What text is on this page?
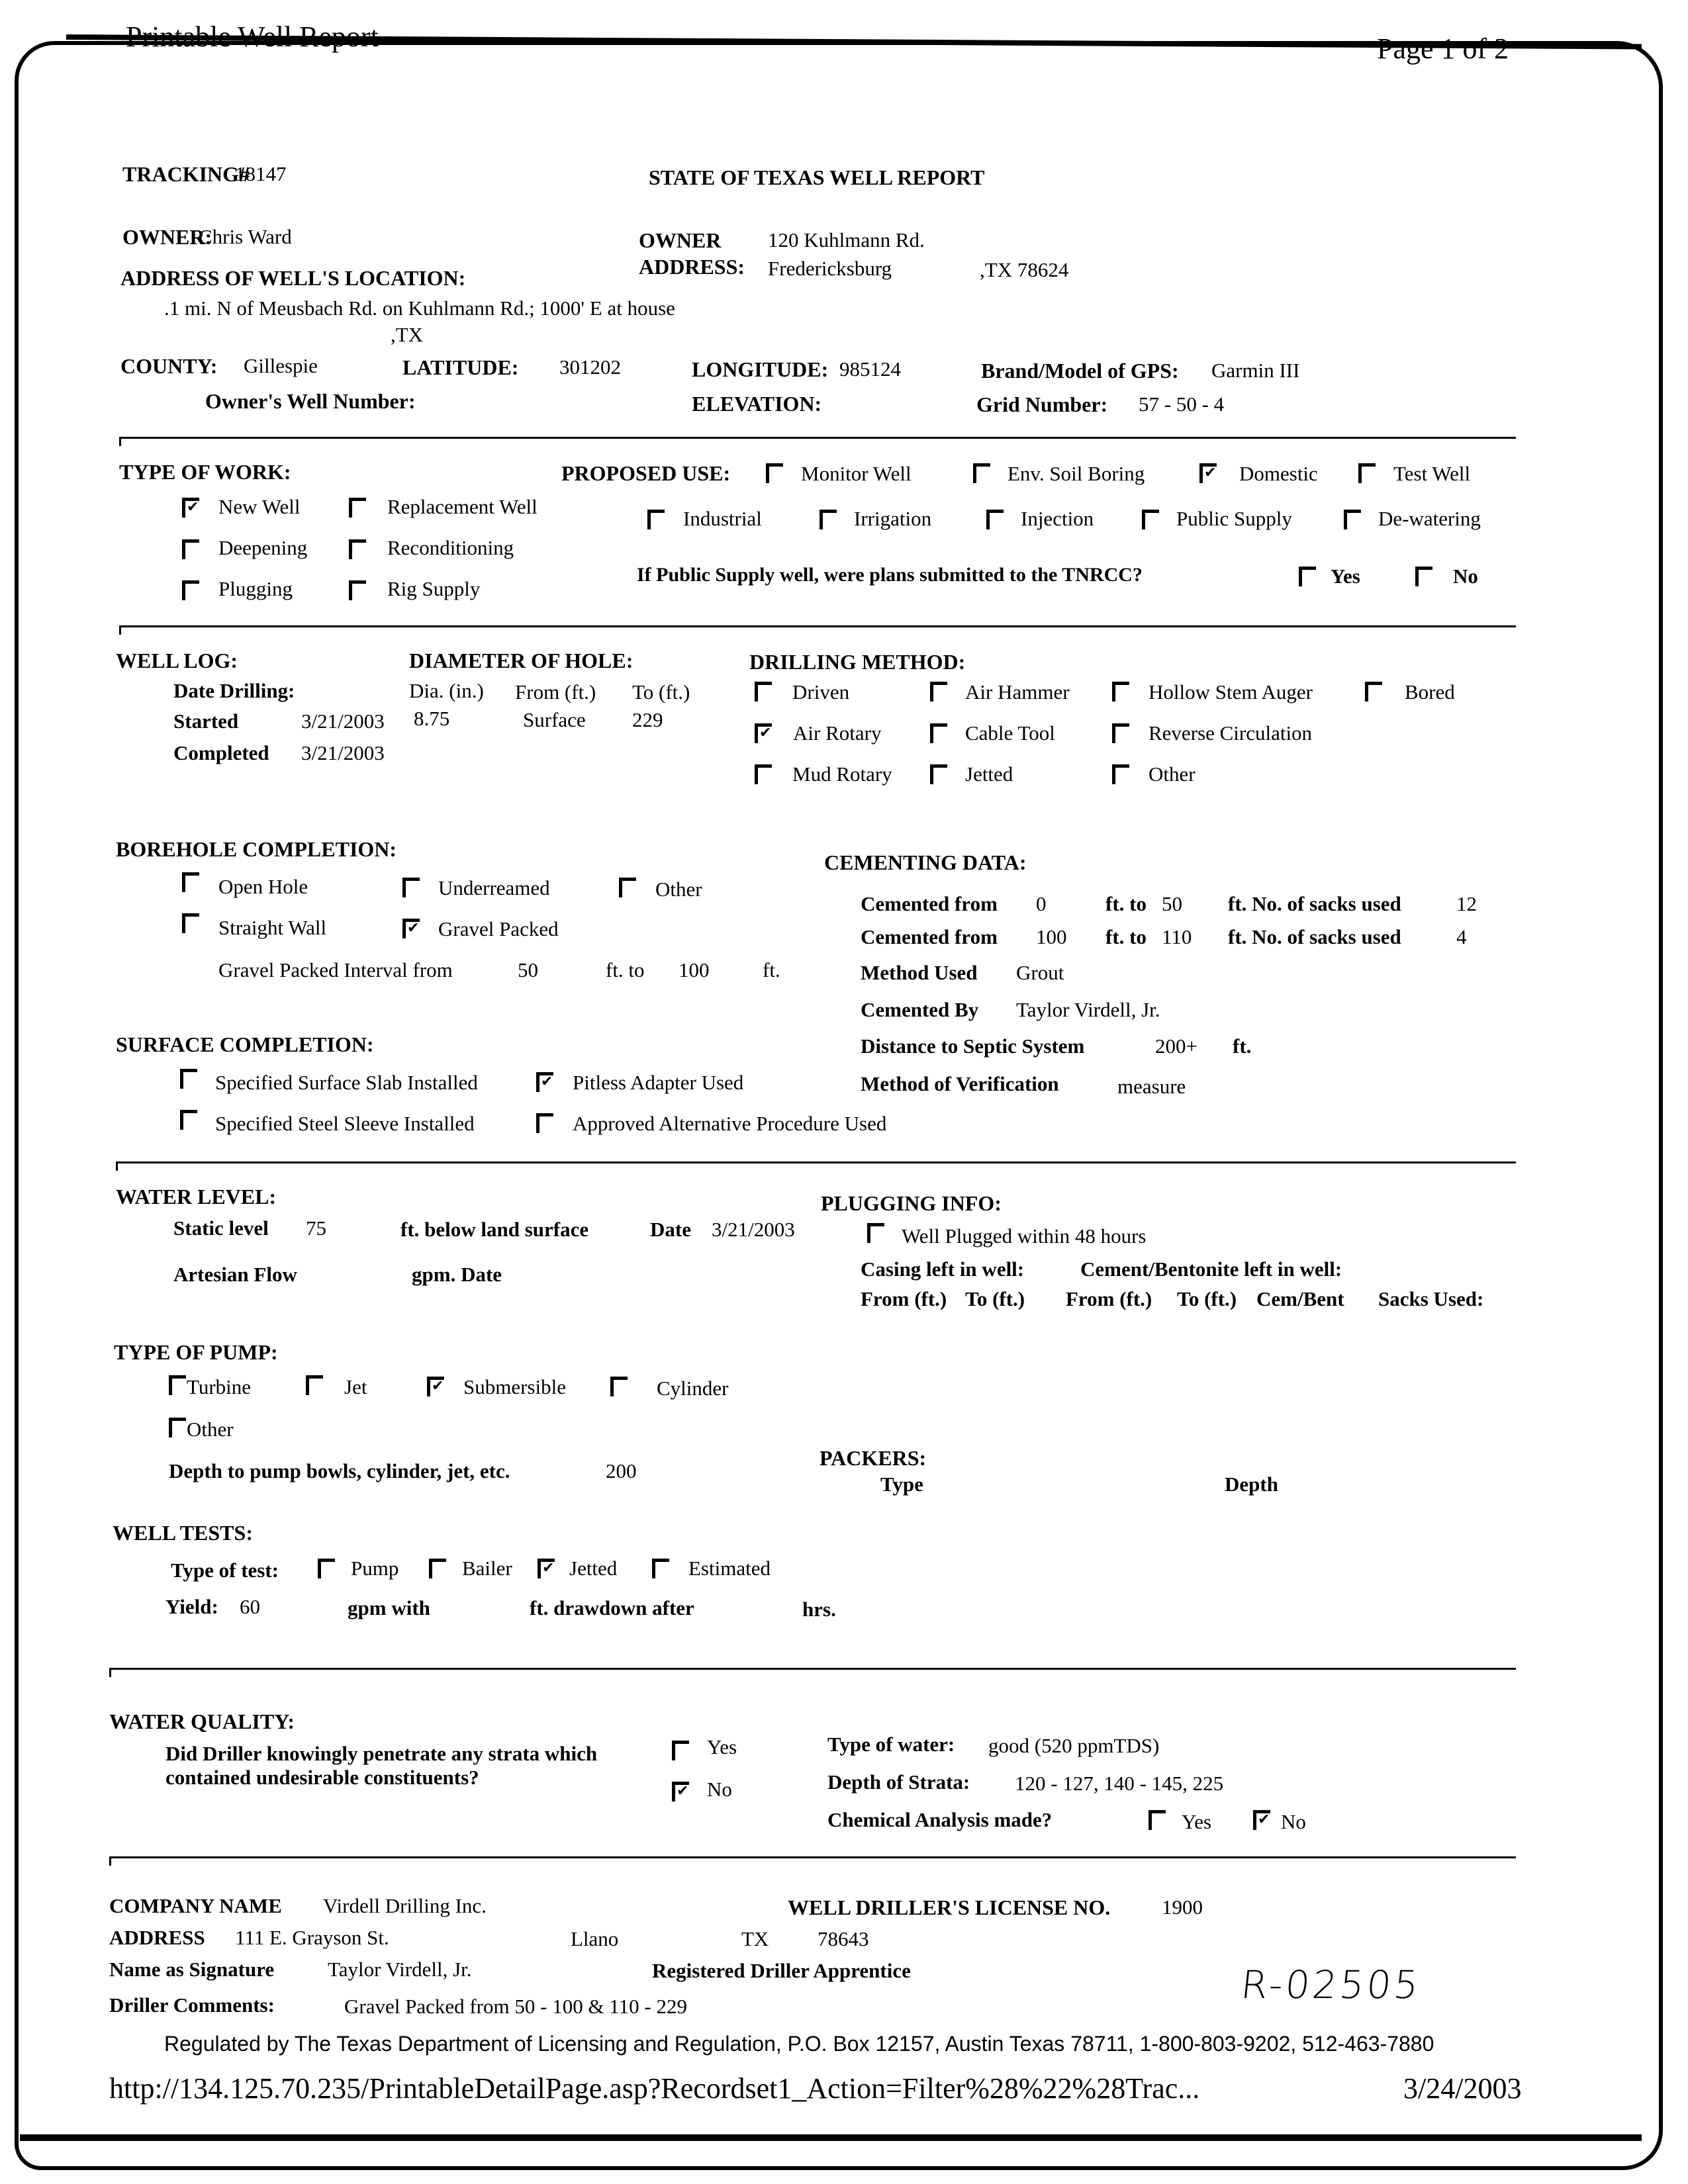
Printable Well Report	Page 1 of 2
TRACKING#
18147	STATE OF TEXAS WELL REPORT
OWNER:
Chris Ward	OWNER
ADDRESS:
120 Kuhlmann Rd.
Fredericksburg	,TX 78624
ADDRESS OF WELL'S LOCATION:
.1 mi. N of Meusbach Rd. on Kuhlmann Rd.; 1000' E at house
,TX
COUNTY: Gillespie	LATITUDE: 301202	LONGITUDE: 985124	Brand/Model of GPS: Garmin III
Owner's Well Number:	ELEVATION:	Grid Number: 57 - 50 - 4
TYPE OF WORK:
✔
New Well	Replacement Well
Deepening	Reconditioning
Plugging	Rig Supply
PROPOSED USE:	Monitor Well	Env. Soil Boring ✔	Domestic	Test Well
Industrial	Irrigation	Injection	Public Supply	De-watering
If Public Supply well, were plans submitted to the TNRCC?	Yes	No
WELL LOG:
Date Drilling:
Started	3/21/2003
Completed 3/21/2003
DIAMETER OF HOLE:
Dia. (in.) From (ft.) To (ft.)
8.75	Surface 229
DRILLING METHOD:
Driven	Air Hammer	Hollow Stem Auger	Bored
✔
Air Rotary	Cable Tool	Reverse Circulation
Mud Rotary	Jetted	Other
BOREHOLE COMPLETION:
Open Hole	Underreamed	Other
Straight Wall ✔	Gravel Packed
Gravel Packed Interval from	50	ft. to 100	ft.
CEMENTING DATA:
Cemented from 0	ft. to 50 ft. No. of sacks used	12
Cemented from 100 ft. to 110 ft. No. of sacks used	4
Method Used Grout
Cemented By Taylor Virdell, Jr.
Distance to Septic System	200+ ft.
Method of Verification	measure
SURFACE COMPLETION:
Specified Surface Slab Installed ✔	Pitless Adapter Used
Specified Steel Sleeve Installed	Approved Alternative Procedure Used
WATER LEVEL:
Static level 75	ft. below land surface	Date 3/21/2003
Artesian Flow	gpm. Date
PLUGGING INFO:
Well Plugged within 48 hours
Casing left in well:	Cement/Bentonite left in well:
From (ft.) To (ft.) From (ft.) To (ft.) Cem/Bent Sacks Used:
TYPE OF PUMP:
Turbine	Jet ✔	Submersible	Cylinder
Other
Depth to pump bowls, cylinder, jet, etc.	200
PACKERS:
Type	Depth
WELL TESTS:
Type of test:	Pump	Bailer ✔	Jetted	Estimated
Yield: 60	gpm with	ft. drawdown after	hrs.
WATER QUALITY:
Did Driller knowingly penetrate any strata which
contained undesirable constituents?
Yes
✔
No
Type of water: good (520 ppmTDS)
Depth of Strata: 120 - 127, 140 - 145, 225
Chemical Analysis made?	Yes ✔	No
COMPANY NAME Virdell Drilling Inc.	WELL DRILLER'S LICENSE NO.	1900
ADDRESS 111 E. Grayson St.	Llano	TX 78643
Name as Signature	Taylor Virdell, Jr.	Registered Driller Apprentice
Driller Comments:	Gravel Packed from 50 - 100 & 110 - 229	R-02505
Regulated by The Texas Department of Licensing and Regulation, P.O. Box 12157, Austin Texas 78711, 1-800-803-9202, 512-463-7880
http://134.125.70.235/PrintableDetailPage.asp?Recordset1_Action=Filter%28%22%28Trac...	3/24/2003
